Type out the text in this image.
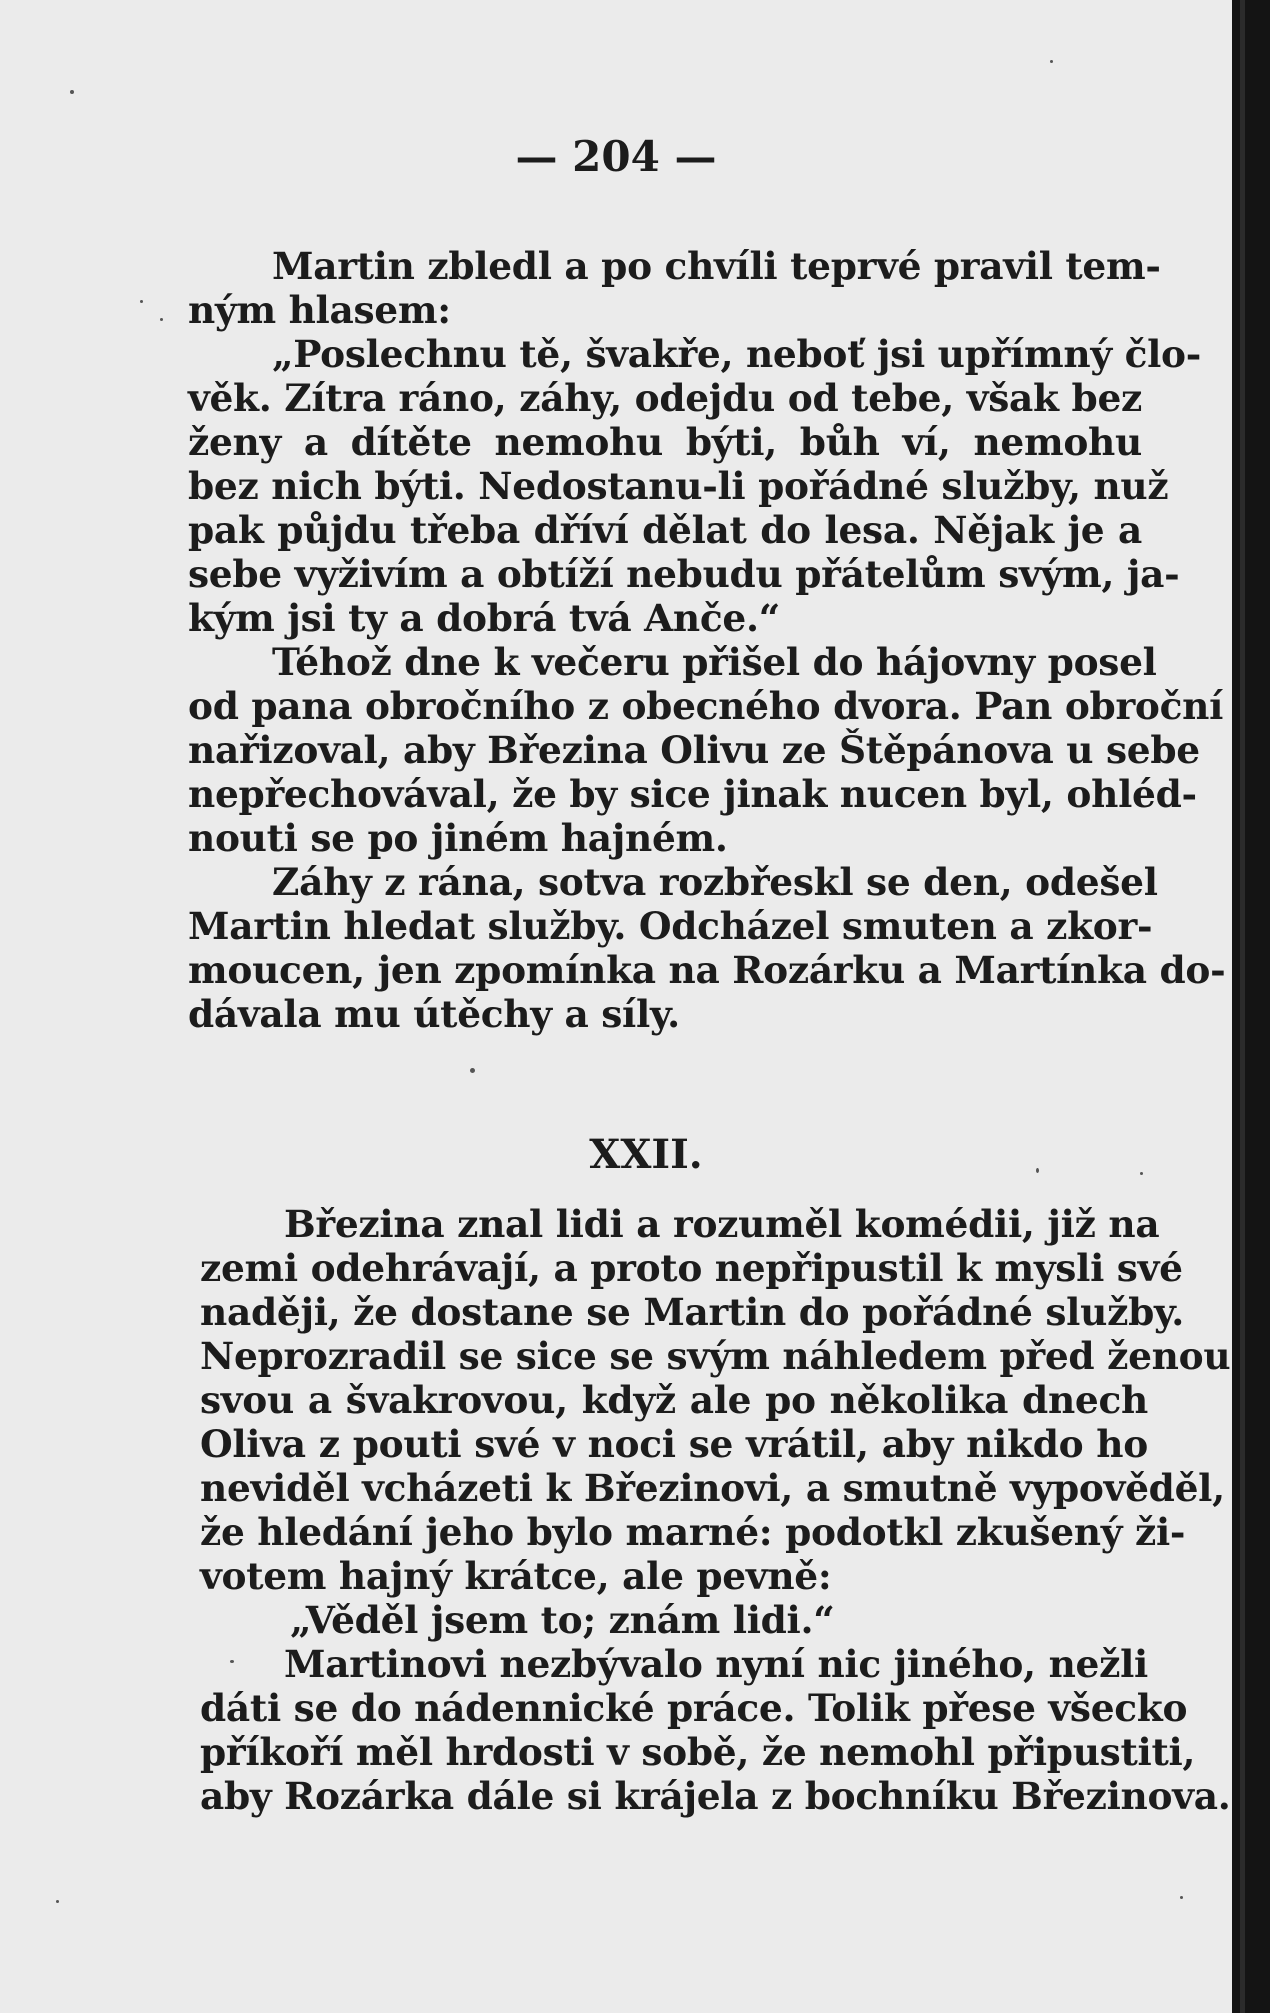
— 204 —
Martin zbledl a po chvíli teprvé pravil tem-
ným hlasem:
„Poslechnu tě, švakře, neboť jsi upřímný člo-
věk. Zítra ráno, záhy, odejdu od tebe, však bez
ženy a dítěte nemohu býti, bůh ví, nemohu
bez nich býti. Nedostanu-li pořádné služby, nuž
pak půjdu třeba dříví dělat do lesa. Nějak je a
sebe vyživím a obtíží nebudu přátelům svým, ja-
kým jsi ty a dobrá tvá Anče.“
Téhož dne k večeru přišel do hájovny posel
od pana obročního z obecného dvora. Pan obroční
nařizoval, aby Březina Olivu ze Štěpánova u sebe
nepřechovával, že by sice jinak nucen byl, ohléd-
nouti se po jiném hajném.
Záhy z rána, sotva rozbřeskl se den, odešel
Martin hledat služby. Odcházel smuten a zkor-
moucen, jen zpomínka na Rozárku a Martínka do-
dávala mu útěchy a síly.
XXII.
Březina znal lidi a rozuměl komédii, již na
zemi odehrávají, a proto nepřipustil k mysli své
naději, že dostane se Martin do pořádné služby.
Neprozradil se sice se svým náhledem před ženou
svou a švakrovou, když ale po několika dnech
Oliva z pouti své v noci se vrátil, aby nikdo ho
neviděl vcházeti k Březinovi, a smutně vypověděl,
že hledání jeho bylo marné: podotkl zkušený ži-
votem hajný krátce, ale pevně:
„Věděl jsem to; znám lidi.“
Martinovi nezbývalo nyní nic jiného, nežli
dáti se do nádennické práce. Tolik přese všecko
příkoří měl hrdosti v sobě, že nemohl připustiti,
aby Rozárka dále si krájela z bochníku Březinova.
